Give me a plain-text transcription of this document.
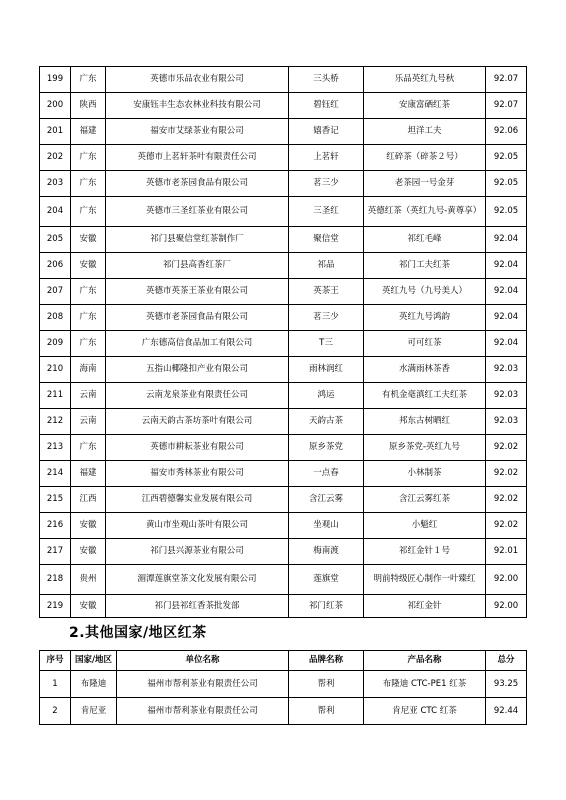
199	广东	英德市乐品农业有限公司	三头桥	乐品英红九号秋	92.07
200	陕西	安康钰丰生态农林业科技有限公司	碧钰红	安康富硒红茶	92.07
201	福建	福安市艾绿茶业有限公司	嬉香记	坦洋工夫	92.06
202	广东	英德市上茗轩茶叶有限责任公司	上茗轩	红碎茶（碎茶２号）	92.05
203	广东	英德市老茶园食品有限公司	茗三少	老茶园一号金芽	92.05
204	广东	英德市三圣红茶业有限公司	三圣红	英德红茶（英红九号-黄尊享）	92.05
205	安徽	祁门县聚信堂红茶制作厂	聚信堂	祁红毛峰	92.04
206	安徽	祁门县高香红茶厂	祁品	祁门工夫红茶	92.04
207	广东	英德市英茶王茶业有限公司	英茶王	英红九号（九号美人）	92.04
208	广东	英德市老茶园食品有限公司	茗三少	英红九号鸿韵	92.04
209	广东	广东德高信食品加工有限公司	T三	可可红茶	92.04
210	海南	五指山椰隆扣产业有限公司	雨林润红	水满雨林茶香	92.03
211	云南	云南龙泉茶业有限责任公司	鸿运	有机金毫滇红工夫红茶	92.03
212	云南	云南天韵古茶坊茶叶有限公司	天韵古茶	邦东古树晒红	92.03
213	广东	英德市耕耘茶业有限公司	原乡茶党	原乡茶党-英红九号	92.02
214	福建	福安市秀林茶业有限公司	一点春	小林制茶	92.02
215	江西	江西碧德馨实业发展有限公司	含江云雾	含江云雾红茶	92.02
216	安徽	黄山市坐观山茶叶有限公司	坐观山	小魁红	92.02
217	安徽	祁门县兴源茶业有限公司	梅南渡	祁红金针１号	92.01
218	贵州	湄潭莲旗堂茶文化发展有限公司	莲旗堂	明前特级匠心制作一叶臻红	92.00
219	安徽	祁门县祁红香茶批发部	祁门红茶	祁红金针	92.00
2.其他国家/地区红茶
序号	国家/地区	单位名称	品牌名称	产品名称	总分
1	布隆迪	福州市帮利茶业有限责任公司	帮利	布隆迪 CTC-PE1 红茶	93.25
2	肯尼亚	福州市帮利茶业有限责任公司	帮利	肯尼亚 CTC 红茶	92.44
